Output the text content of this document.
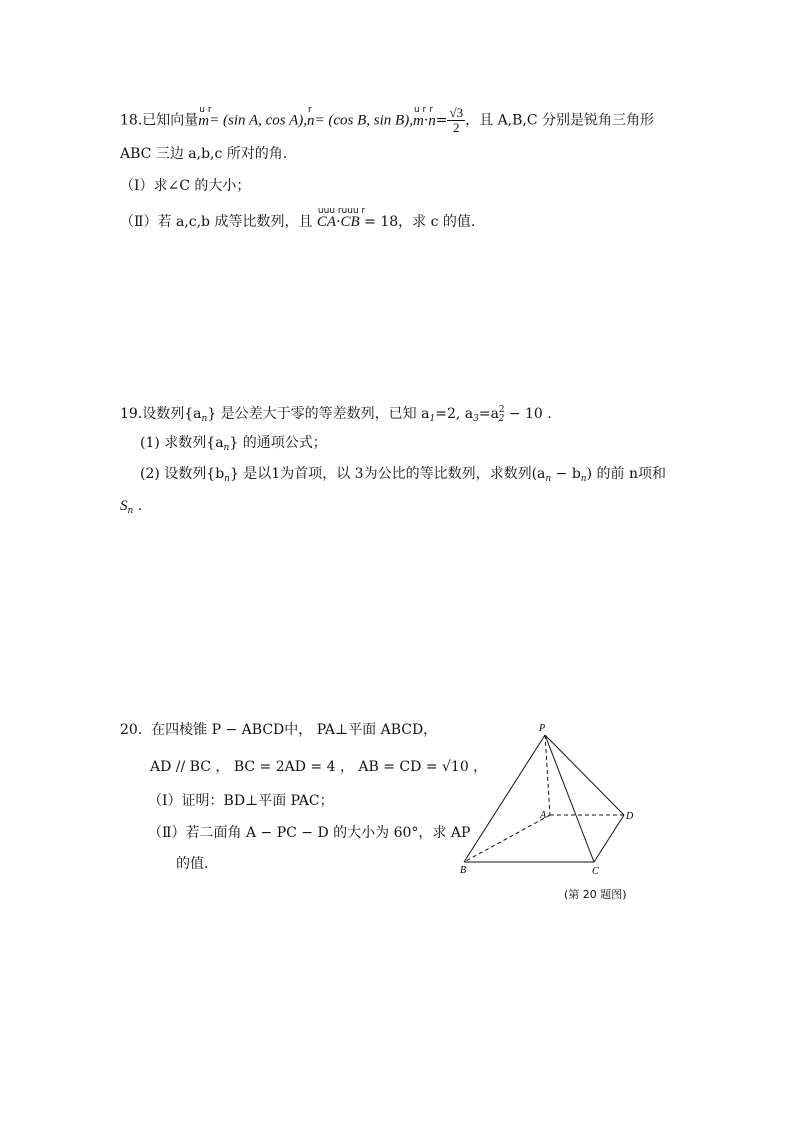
18.已知向量
u r
m= (sin A, cos A),
r
n= (cos B, sin B),
u r
m·
r
$n= \frac{√3}{2}$ ，且 A,B,C 分别是锐角三角形
ABC 三边 a,b,c 所对的角.
（Ⅰ）求∠C 的大小；
（Ⅱ）若 a,c,b 成等比数列，且
uuu r
CA·
uuu r
CB = 18，求 c 的值.
19.设数列$\{a_n\}$ 是公差大于零的等差数列，已知 $a_1=2$, $a_3=a^2_2 - 10$ .
(1) 求数列$\{a_n\}$ 的通项公式；
(2) 设数列$\{b_n\}$ 是以1为首项，以 3为公比的等比数列，求数列$(a_n - b_n)$ 的前 n项和
$S_n$ .
20. 在四棱锥 P − ABCD中， PA⊥平面 ABCD，
AD // BC ， BC = 2AD = 4 ， AB = CD = √10 ，
（Ⅰ）证明：BD⊥平面 PAC；
（Ⅱ）若二面角 A − PC − D 的大小为 60°，求 AP
的值.
P
A	D
B	C
(第 20 题图)
